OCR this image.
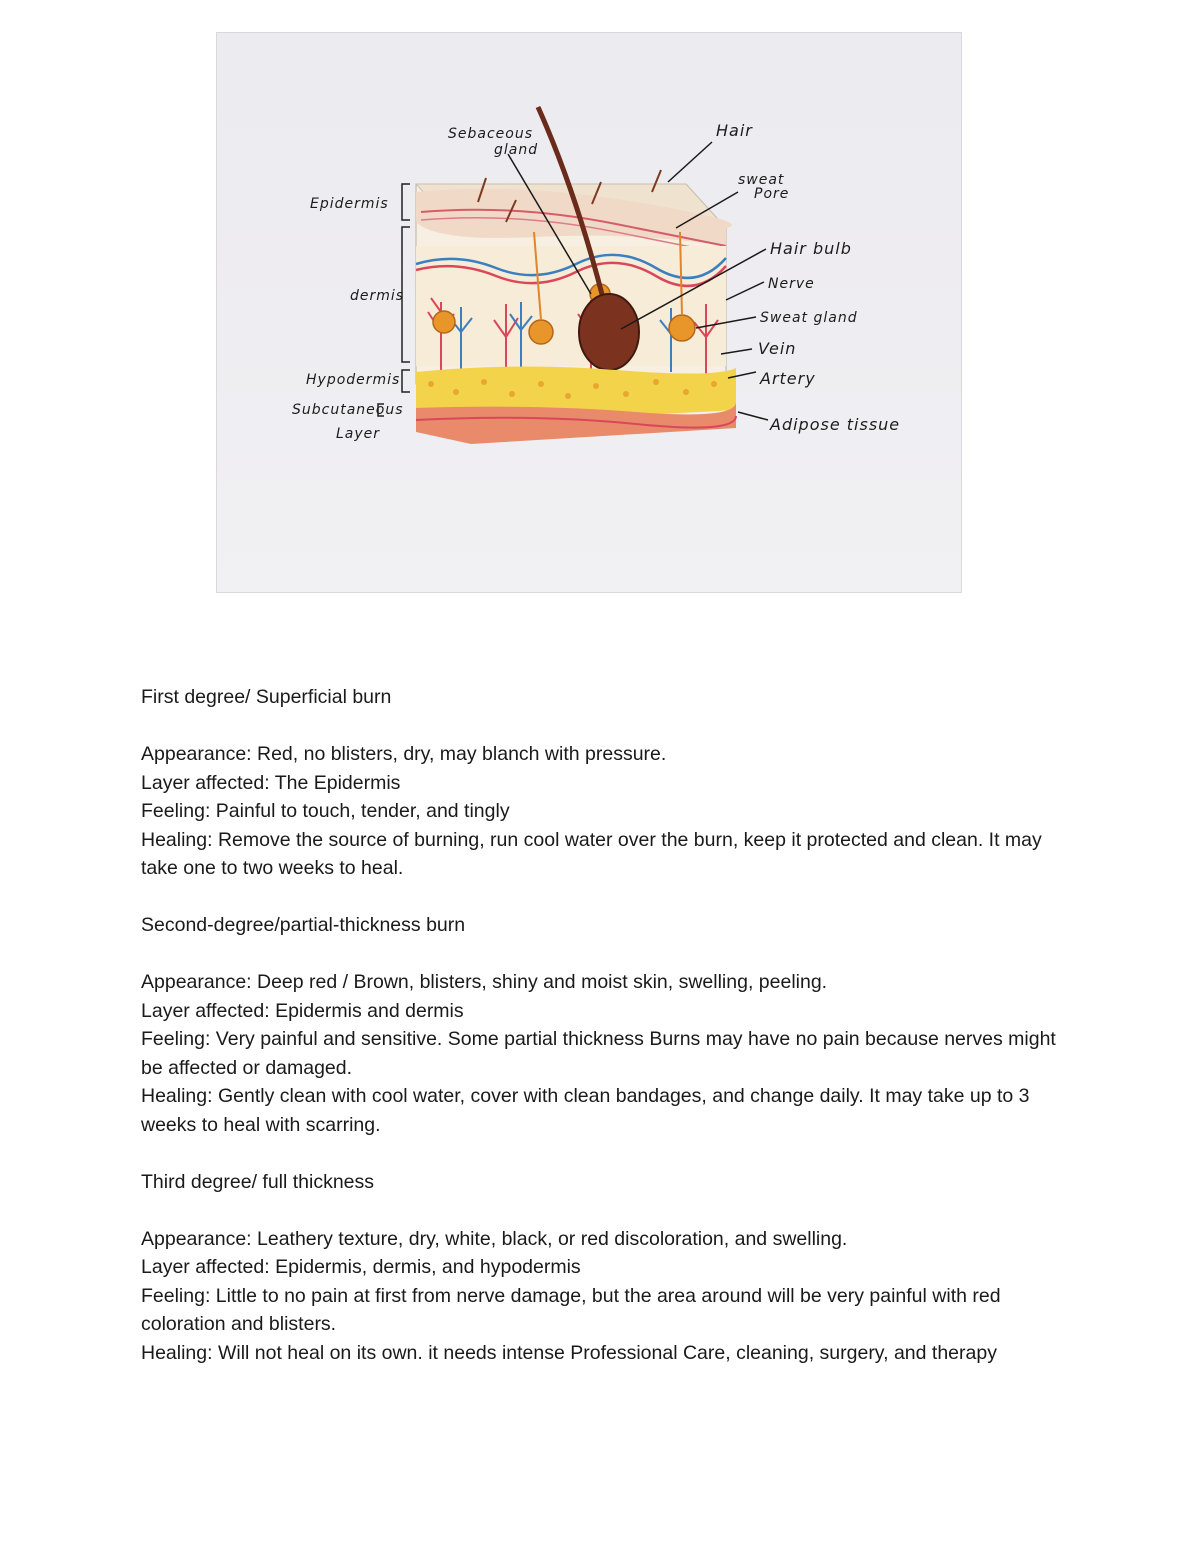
Sebaceous
gland
Hair
sweat
Pore
Epidermis
Hair bulb
Nerve
dermis
Sweat gland
Vein
Hypodermis	Artery
Subcutaneous
Layer	Adipose tissue

First degree/ Superficial burn

Appearance: Red, no blisters, dry, may blanch with pressure.

Layer affected: The Epidermis

Feeling: Painful to touch, tender, and tingly

Healing: Remove the source of burning, run cool water over the burn, keep it protected and clean. It may take one to two weeks to heal.

Second-degree/partial-thickness burn

Appearance: Deep red / Brown, blisters, shiny and moist skin, swelling, peeling.

Layer affected: Epidermis and dermis

Feeling: Very painful and sensitive. Some partial thickness Burns may have no pain because nerves might be affected or damaged.

Healing: Gently clean with cool water, cover with clean bandages, and change daily. It may take up to 3 weeks to heal with scarring.

Third degree/ full thickness

Appearance: Leathery texture, dry, white, black, or red discoloration, and swelling.

Layer affected: Epidermis, dermis, and hypodermis

Feeling: Little to no pain at first from nerve damage, but the area around will be very painful with red coloration and blisters.

Healing: Will not heal on its own. it needs intense Professional Care, cleaning, surgery, and therapy
